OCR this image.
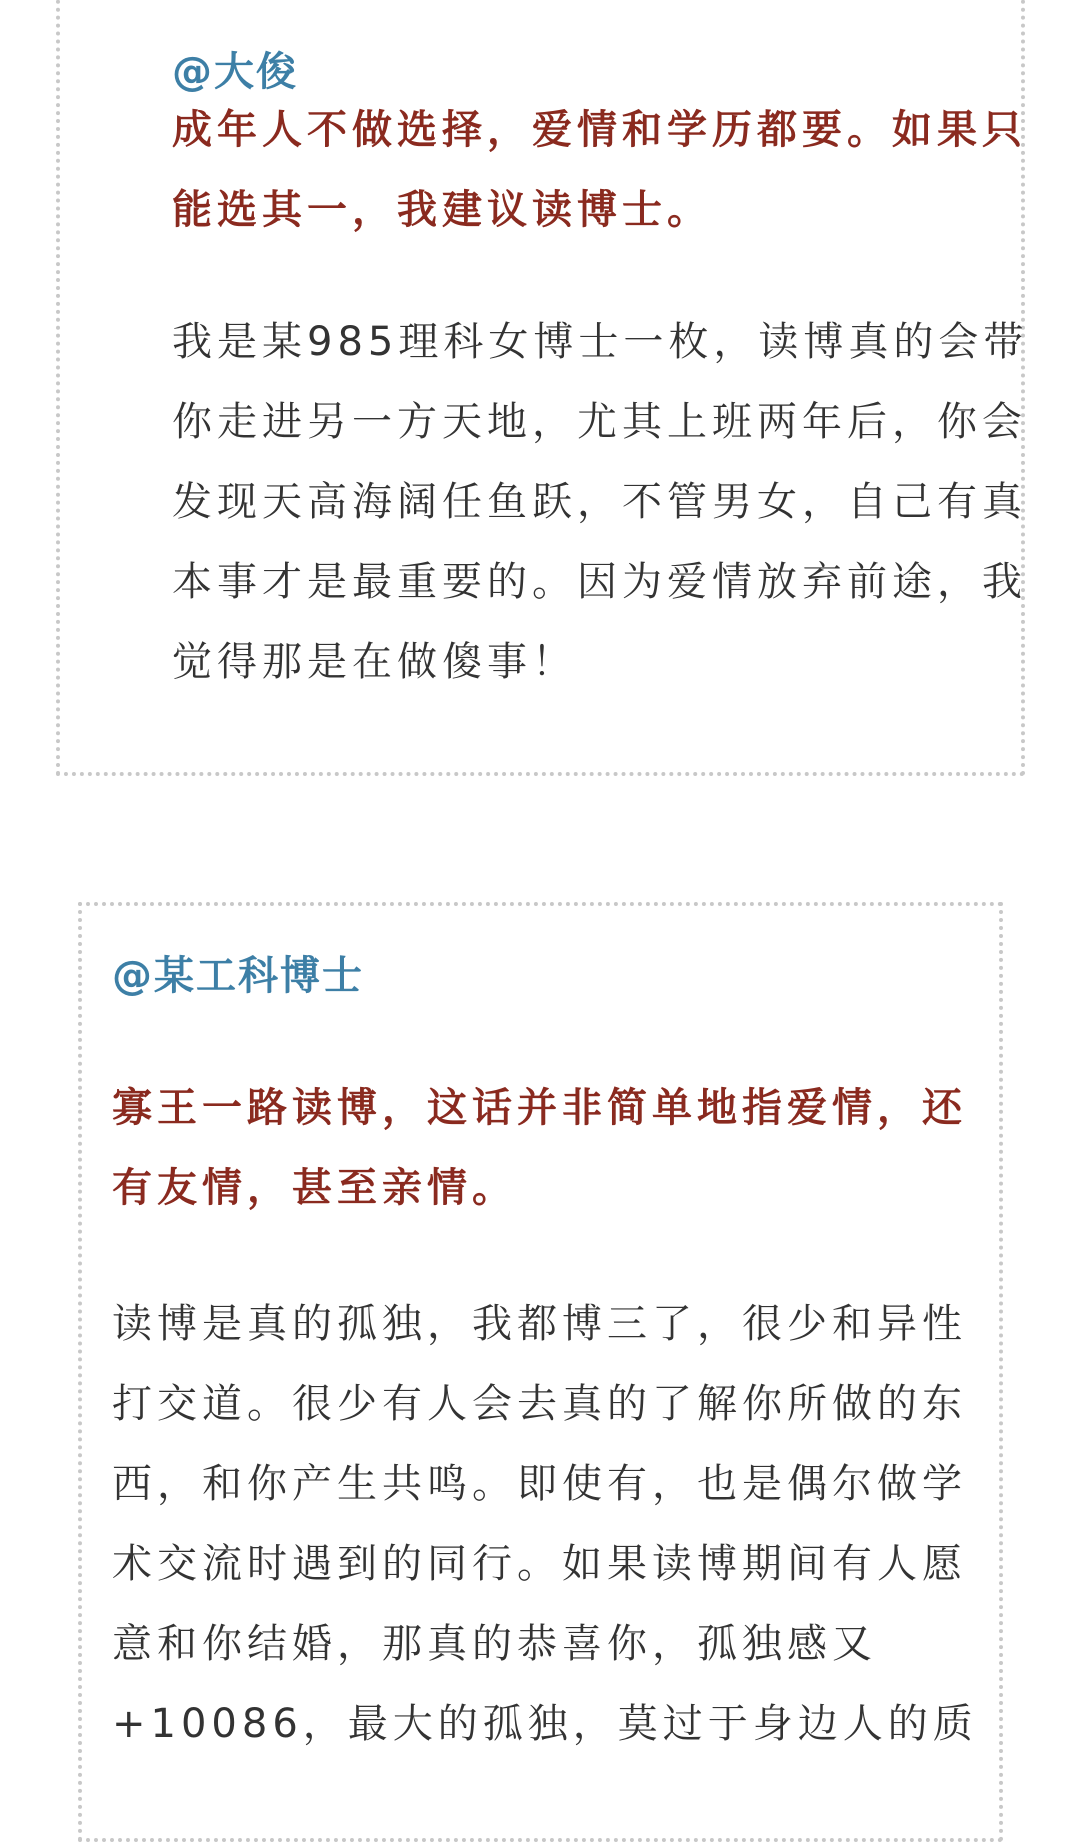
@大俊
成年人不做选择，爱情和学历都要。如果只
能选其一，我建议读博士。
我是某985理科女博士一枚，读博真的会带
你走进另一方天地，尤其上班两年后，你会
发现天高海阔任鱼跃，不管男女，自己有真
本事才是最重要的。因为爱情放弃前途，我
觉得那是在做傻事！
@某工科博士
寡王一路读博，这话并非简单地指爱情，还
有友情，甚至亲情。
读博是真的孤独，我都博三了，很少和异性
打交道。很少有人会去真的了解你所做的东
西，和你产生共鸣。即使有，也是偶尔做学
术交流时遇到的同行。如果读博期间有人愿
意和你结婚，那真的恭喜你，孤独感又
+10086，最大的孤独，莫过于身边人的质
